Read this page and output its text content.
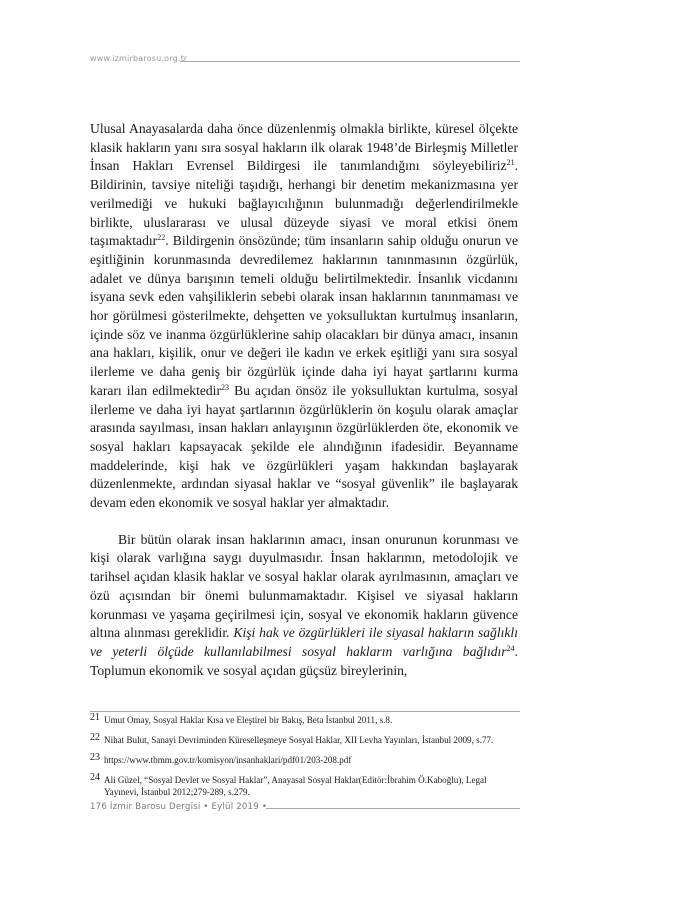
www.izmirbarosu.org.tr

Ulusal Anayasalarda daha önce düzenlenmiş olmakla birlikte, küresel ölçekte klasik hakların yanı sıra sosyal hakların ilk olarak 1948’de Birleşmiş Milletler İnsan Hakları Evrensel Bildirgesi ile tanımlandığını söyleyebiliriz$^{21}$. Bildirinin, tavsiye niteliği taşıdığı, herhangi bir denetim mekanizmasına yer verilmediği ve hukuki bağlayıcılığının bulunmadığı değerlendirilmekle birlikte, uluslararası ve ulusal düzeyde siyasi ve moral etkisi önem taşımaktadır$^{22}$. Bildirgenin önsözünde; tüm insanların sahip olduğu onurun ve eşitliğinin korunmasında devredilemez haklarının tanınmasının özgürlük, adalet ve dünya barışının temeli olduğu belirtilmektedir. İnsanlık vicdanını isyana sevk eden vahşiliklerin sebebi olarak insan haklarının tanınmaması ve hor görülmesi gösterilmekte, dehşetten ve yoksulluktan kurtulmuş insanların, içinde söz ve inanma özgürlüklerine sahip olacakları bir dünya amacı, insanın ana hakları, kişilik, onur ve değeri ile kadın ve erkek eşitliği yanı sıra sosyal ilerleme ve daha geniş bir özgürlük içinde daha iyi hayat şartlarını kurma kararı ilan edilmektedir$^{23}$ Bu açıdan önsöz ile yoksulluktan kurtulma, sosyal ilerleme ve daha iyi hayat şartlarının özgürlüklerin ön koşulu olarak amaçlar arasında sayılması, insan hakları anlayışının özgürlüklerden öte, ekonomik ve sosyal hakları kapsayacak şekilde ele alındığının ifadesidir. Beyanname maddelerinde, kişi hak ve özgürlükleri yaşam hakkından başlayarak düzenlenmekte, ardından siyasal haklar ve “sosyal güvenlik” ile başlayarak devam eden ekonomik ve sosyal haklar yer almaktadır.

Bir bütün olarak insan haklarının amacı, insan onurunun korunması ve kişi olarak varlığına saygı duyulmasıdır. İnsan haklarının, metodolojik ve tarihsel açıdan klasik haklar ve sosyal haklar olarak ayrılmasının, amaçları ve özü açısından bir önemi bulunmamaktadır. Kişisel ve siyasal hakların korunması ve yaşama geçirilmesi için, sosyal ve ekonomik hakların güvence altına alınması gereklidir. Kişi hak ve özgürlükleri ile siyasal hakların sağlıklı ve yeterli ölçüde kullanılabilmesi sosyal hakların varlığına bağlıdır$^{24}$. Toplumun ekonomik ve sosyal açıdan güçsüz bireylerinin,

21 Umut Omay, Sosyal Haklar Kısa ve Eleştirel bir Bakış, Beta İstanbul 2011, s.8.
22 Nihat Bulut, Sanayi Devriminden Küreselleşmeye Sosyal Haklar, XII Levha Yayınları, İstanbul 2009, s.77.
23 https://www.tbmm.gov.tr/komisyon/insanhaklari/pdf01/203-208.pdf
24 Ali Güzel, “Sosyal Devlet ve Sosyal Haklar”, Anayasal Sosyal Haklar(Editör:İbrahim Ö.Kaboğlu), Legal Yayınevi, İstanbul 2012;279-289, s.279.
176 İzmir Barosu Dergisi • Eylül 2019 •
